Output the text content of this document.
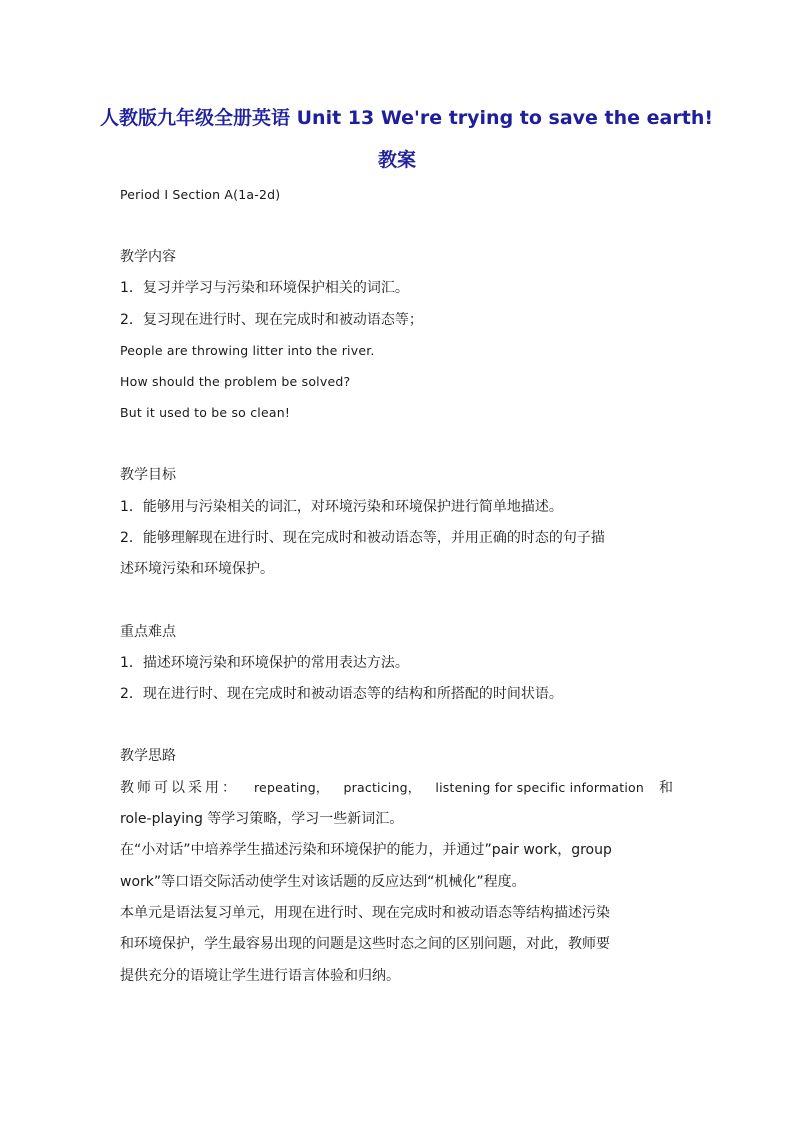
人教版九年级全册英语 Unit 13 We're trying to save the earth!
教案
Period I Section A(1a-2d)
教学内容
1．复习并学习与污染和环境保护相关的词汇。
2．复习现在进行时、现在完成时和被动语态等；
People are throwing litter into the river.
How should the problem be solved?
But it used to be so clean!
教学目标
1．能够用与污染相关的词汇，对环境污染和环境保护进行简单地描述。
2．能够理解现在进行时、现在完成时和被动语态等，并用正确的时态的句子描
述环境污染和环境保护。
重点难点
1．描述环境污染和环境保护的常用表达方法。
2．现在进行时、现在完成时和被动语态等的结构和所搭配的时间状语。
教学思路
教师可以采用： repeating， practicing， listening for specific information 和
role-playing 等学习策略，学习一些新词汇。
在“小对话”中培养学生描述污染和环境保护的能力，并通过”pair work，group
work”等口语交际活动使学生对该话题的反应达到“机械化”程度。
本单元是语法复习单元，用现在进行时、现在完成时和被动语态等结构描述污染
和环境保护，学生最容易出现的问题是这些时态之间的区别问题，对此，教师要
提供充分的语境让学生进行语言体验和归纳。
